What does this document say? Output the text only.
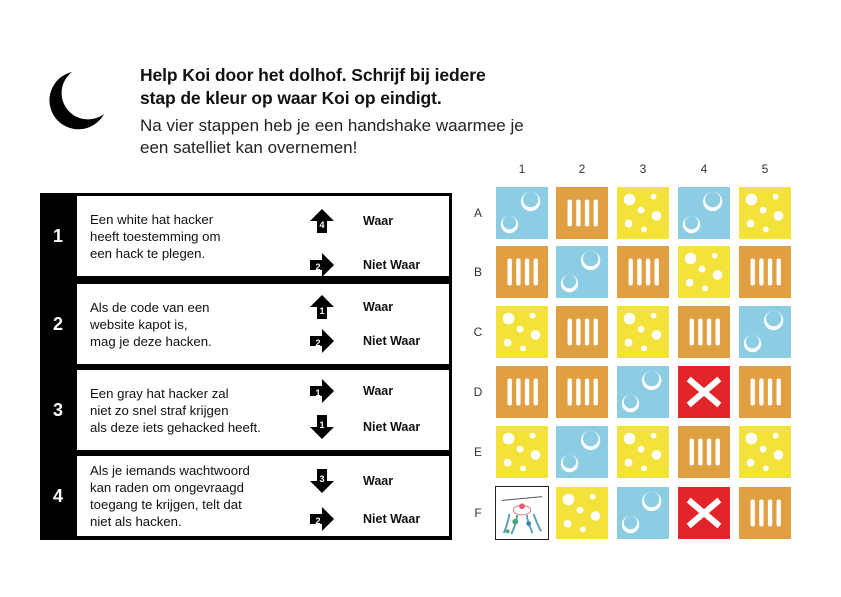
Help Koi door het dolhof. Schrijf bij iedere
stap de kleur op waar Koi op eindigt.
Na vier stappen heb je een handshake waarmee je
een satelliet kan overnemen!
1
Een white hat hacker
heeft toestemming om
een hack te plegen.
4	Waar
2	Niet Waar
2
Als de code van een
website kapot is,
mag je deze hacken.
1	Waar
2	Niet Waar
3
Een gray hat hacker zal
niet zo snel straf krijgen
als deze iets gehacked heeft.
1	Waar
1	Niet Waar
4
Als je iemands wachtwoord
kan raden om ongevraagd
toegang te krijgen, telt dat
niet als hacken.
3	Waar
2	Niet Waar
1	2	3	4	5
A
B
C
D
E
F
